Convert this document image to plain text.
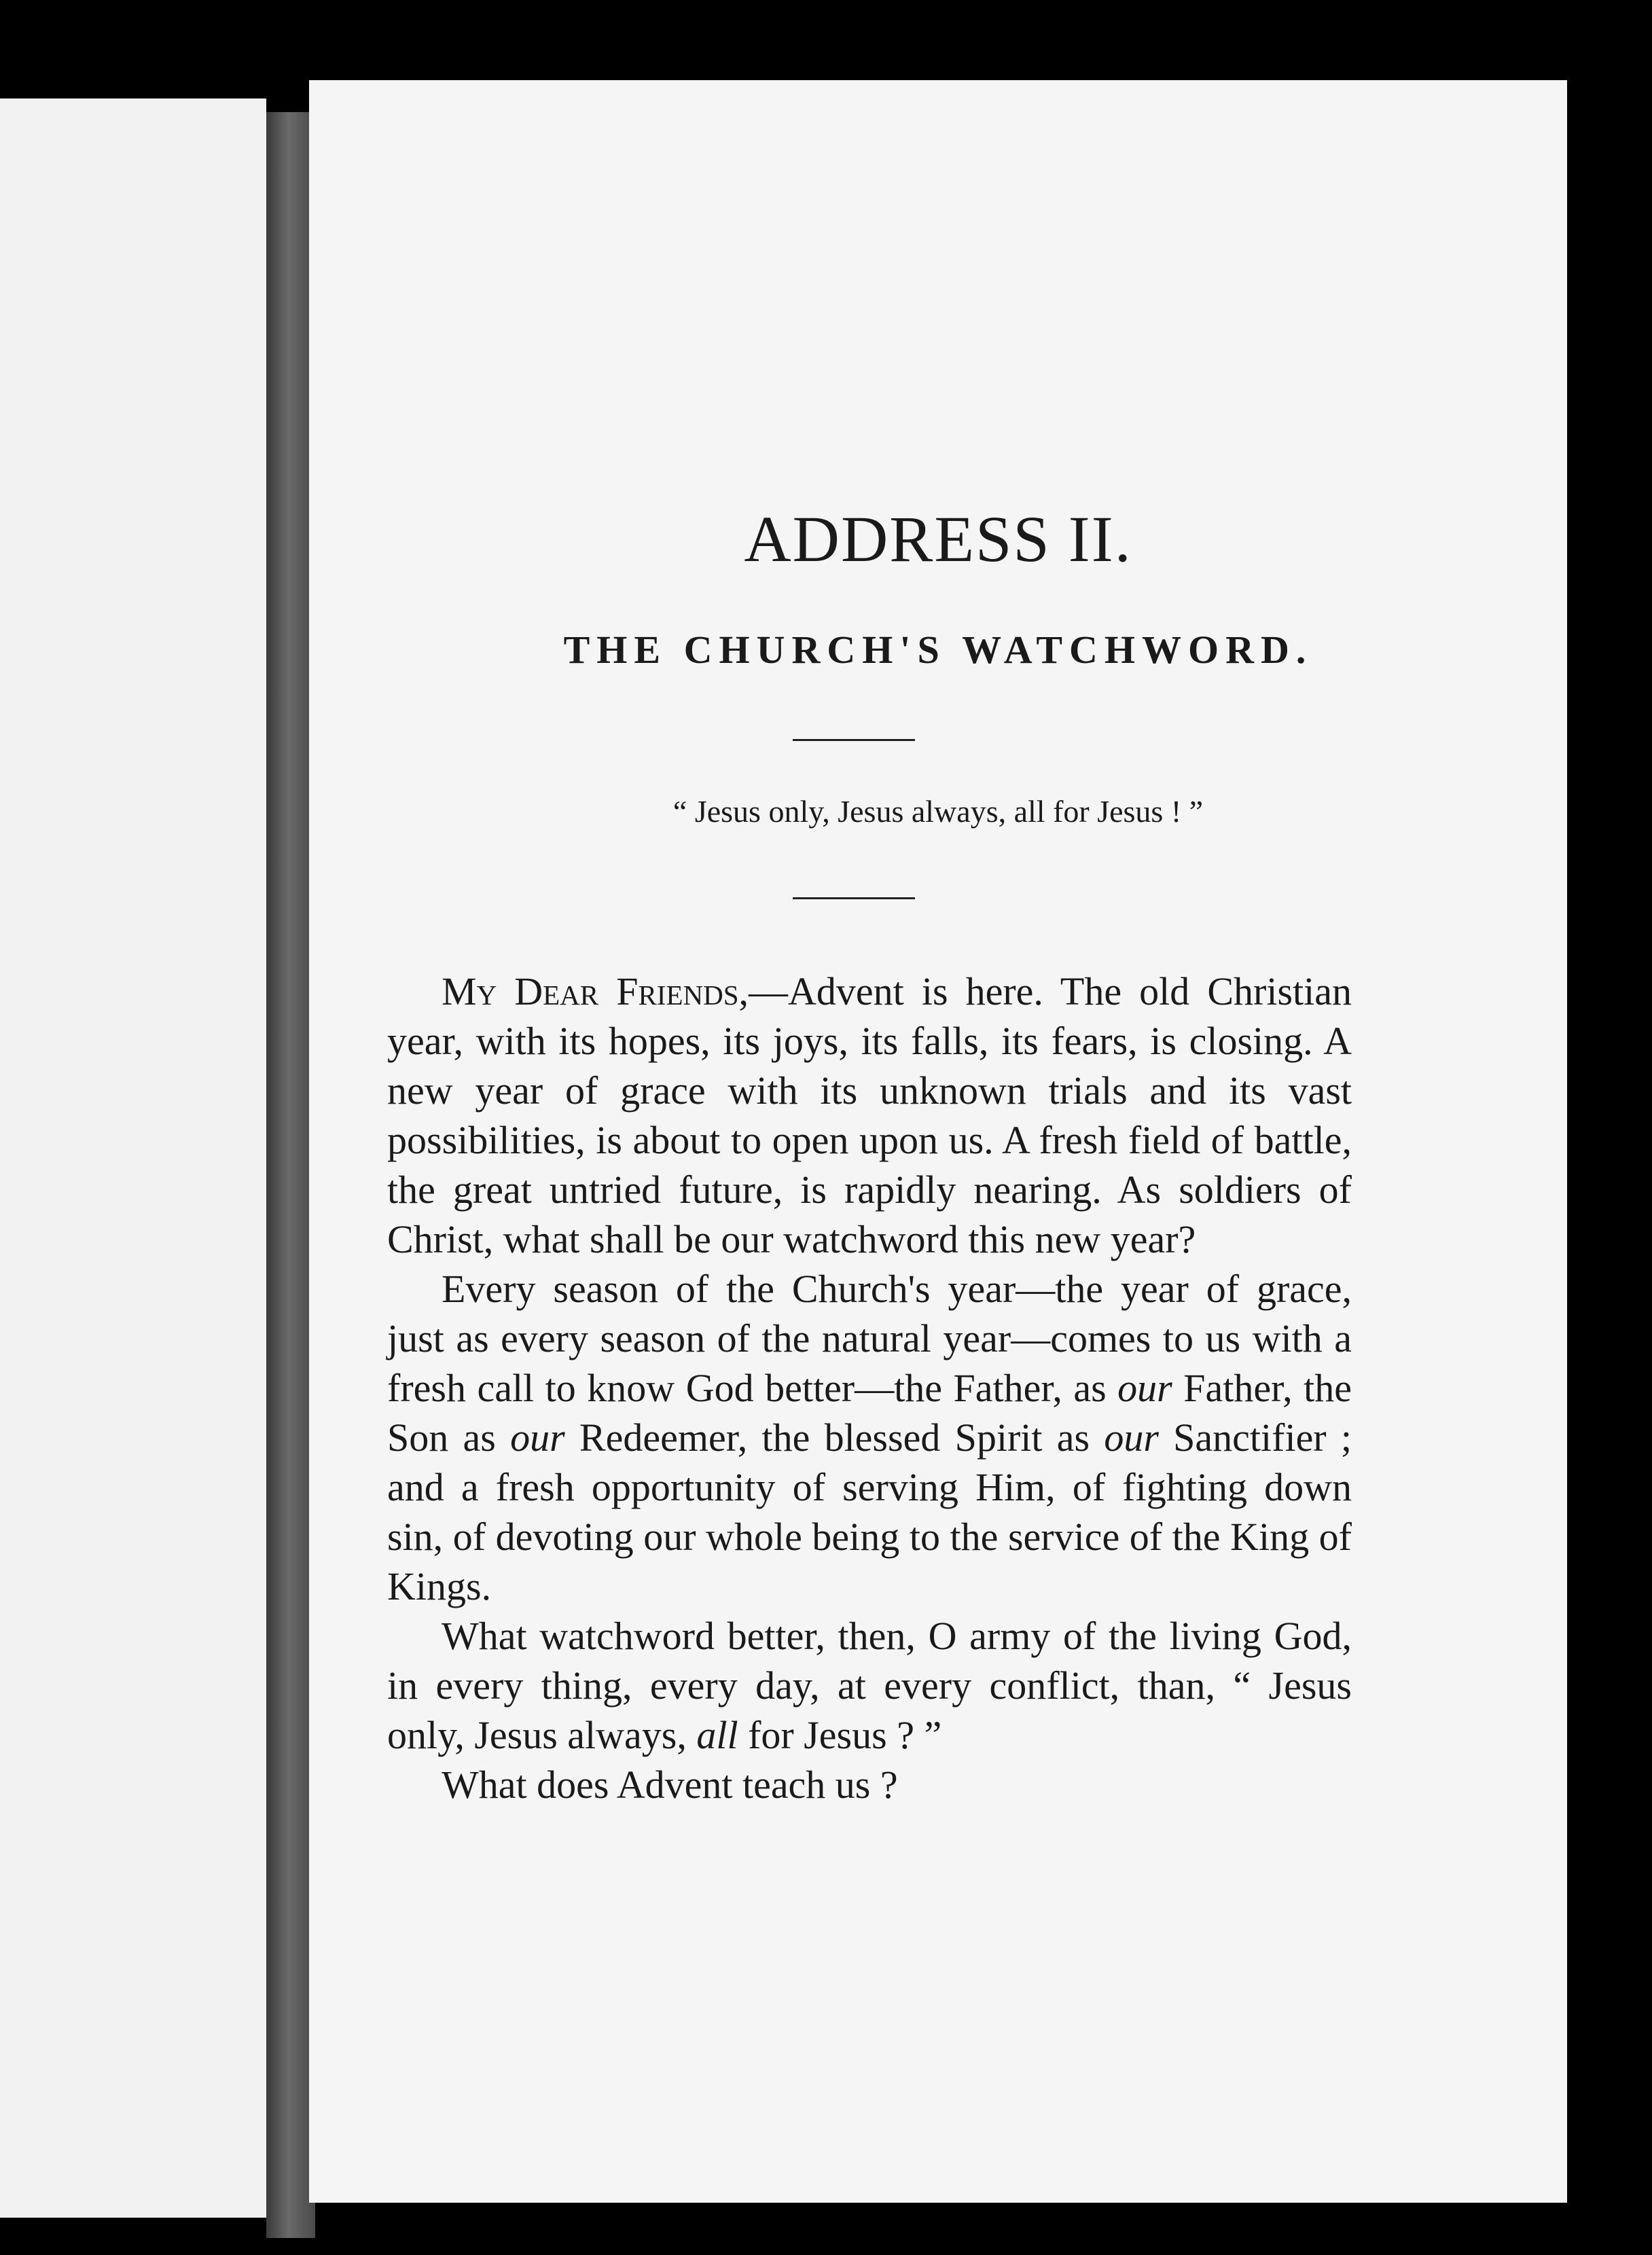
ADDRESS II.
THE CHURCH'S WATCHWORD.

“ Jesus only, Jesus always, all for Jesus ! ”

My Dear Friends,—Advent is here. The old Christian year, with its hopes, its joys, its falls, its fears, is closing. A new year of grace with its unknown trials and its vast possibilities, is about to open upon us. A fresh field of battle, the great untried future, is rapidly nearing. As soldiers of Christ, what shall be our watchword this new year?

Every season of the Church's year—the year of grace, just as every season of the natural year—comes to us with a fresh call to know God better—the Father, as our Father, the Son as our Redeemer, the blessed Spirit as our Sanctifier ; and a fresh opportunity of serving Him, of fighting down sin, of devoting our whole being to the service of the King of Kings.

What watchword better, then, O army of the living God, in every thing, every day, at every conflict, than, “ Jesus only, Jesus always, all for Jesus ? ”

What does Advent teach us ?
